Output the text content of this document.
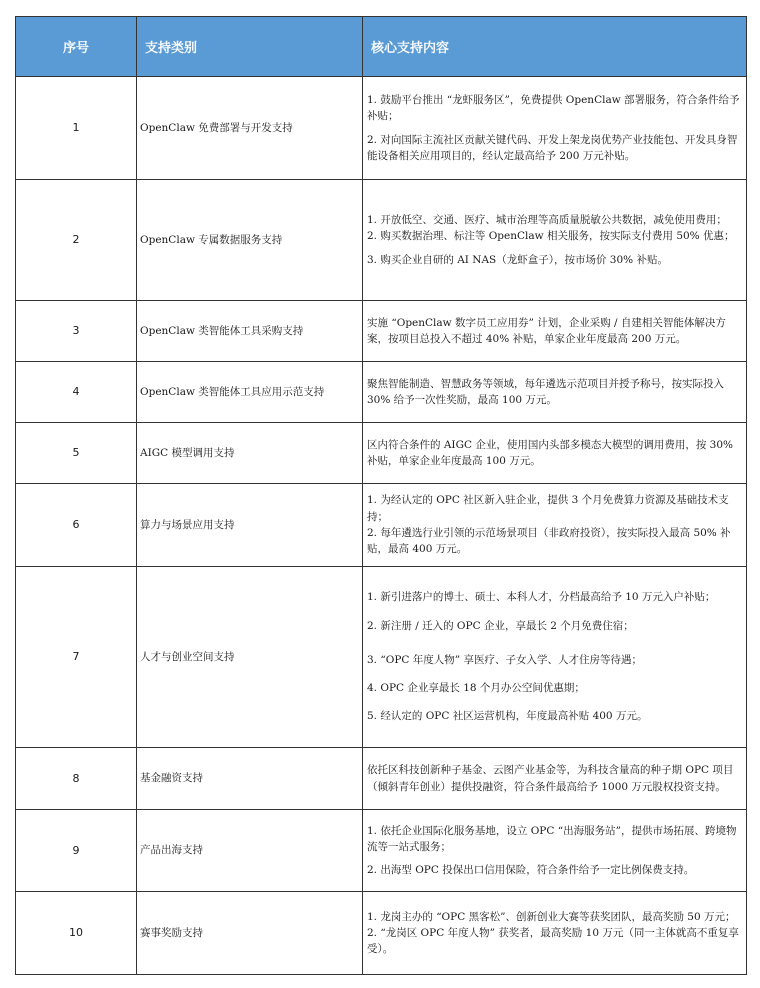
序号	支持类别	核心支持内容
1	OpenClaw 免费部署与开发支持	1. 鼓励平台推出 “龙虾服务区”，免费提供 OpenClaw 部署服务，符合条件给予补贴；

2. 对向国际主流社区贡献关键代码、开发上架龙岗优势产业技能包、开发具身智能设备相关应用项目的，经认定最高给予 200 万元补贴。

2	OpenClaw 专属数据服务支持	1. 开放低空、交通、医疗、城市治理等高质量脱敏公共数据，减免使用费用；

2. 购买数据治理、标注等 OpenClaw 相关服务，按实际支付费用 50% 优惠；

3. 购买企业自研的 AI NAS（龙虾盒子），按市场价 30% 补贴。

3	OpenClaw 类智能体工具采购支持	实施 “OpenClaw 数字员工应用券” 计划，企业采购 / 自建相关智能体解决方案，按项目总投入不超过 40% 补贴，单家企业年度最高 200 万元。

4	OpenClaw 类智能体工具应用示范支持	聚焦智能制造、智慧政务等领域，每年遴选示范项目并授予称号，按实际投入 30% 给予一次性奖励，最高 100 万元。

5	AIGC 模型调用支持	区内符合条件的 AIGC 企业，使用国内头部多模态大模型的调用费用，按 30% 补贴，单家企业年度最高 100 万元。

6	算力与场景应用支持	1. 为经认定的 OPC 社区新入驻企业，提供 3 个月免费算力资源及基础技术支持；

2. 每年遴选行业引领的示范场景项目（非政府投资），按实际投入最高 50% 补贴，最高 400 万元。

7	人才与创业空间支持	1. 新引进落户的博士、硕士、本科人才，分档最高给予 10 万元入户补贴；

2. 新注册 / 迁入的 OPC 企业，享最长 2 个月免费住宿；

3. “OPC 年度人物” 享医疗、子女入学、人才住房等待遇；

4. OPC 企业享最长 18 个月办公空间优惠期；

5. 经认定的 OPC 社区运营机构，年度最高补贴 400 万元。

8	基金融资支持	依托区科技创新种子基金、云图产业基金等，为科技含量高的种子期 OPC 项目（倾斜青年创业）提供投融资，符合条件最高给予 1000 万元股权投资支持。

9	产品出海支持	1. 依托企业国际化服务基地，设立 OPC “出海服务站”，提供市场拓展、跨境物流等一站式服务；

2. 出海型 OPC 投保出口信用保险，符合条件给予一定比例保费支持。

10	赛事奖励支持	1. 龙岗主办的 “OPC 黑客松”、创新创业大赛等获奖团队，最高奖励 50 万元；

2. “龙岗区 OPC 年度人物” 获奖者，最高奖励 10 万元（同一主体就高不重复享受）。
